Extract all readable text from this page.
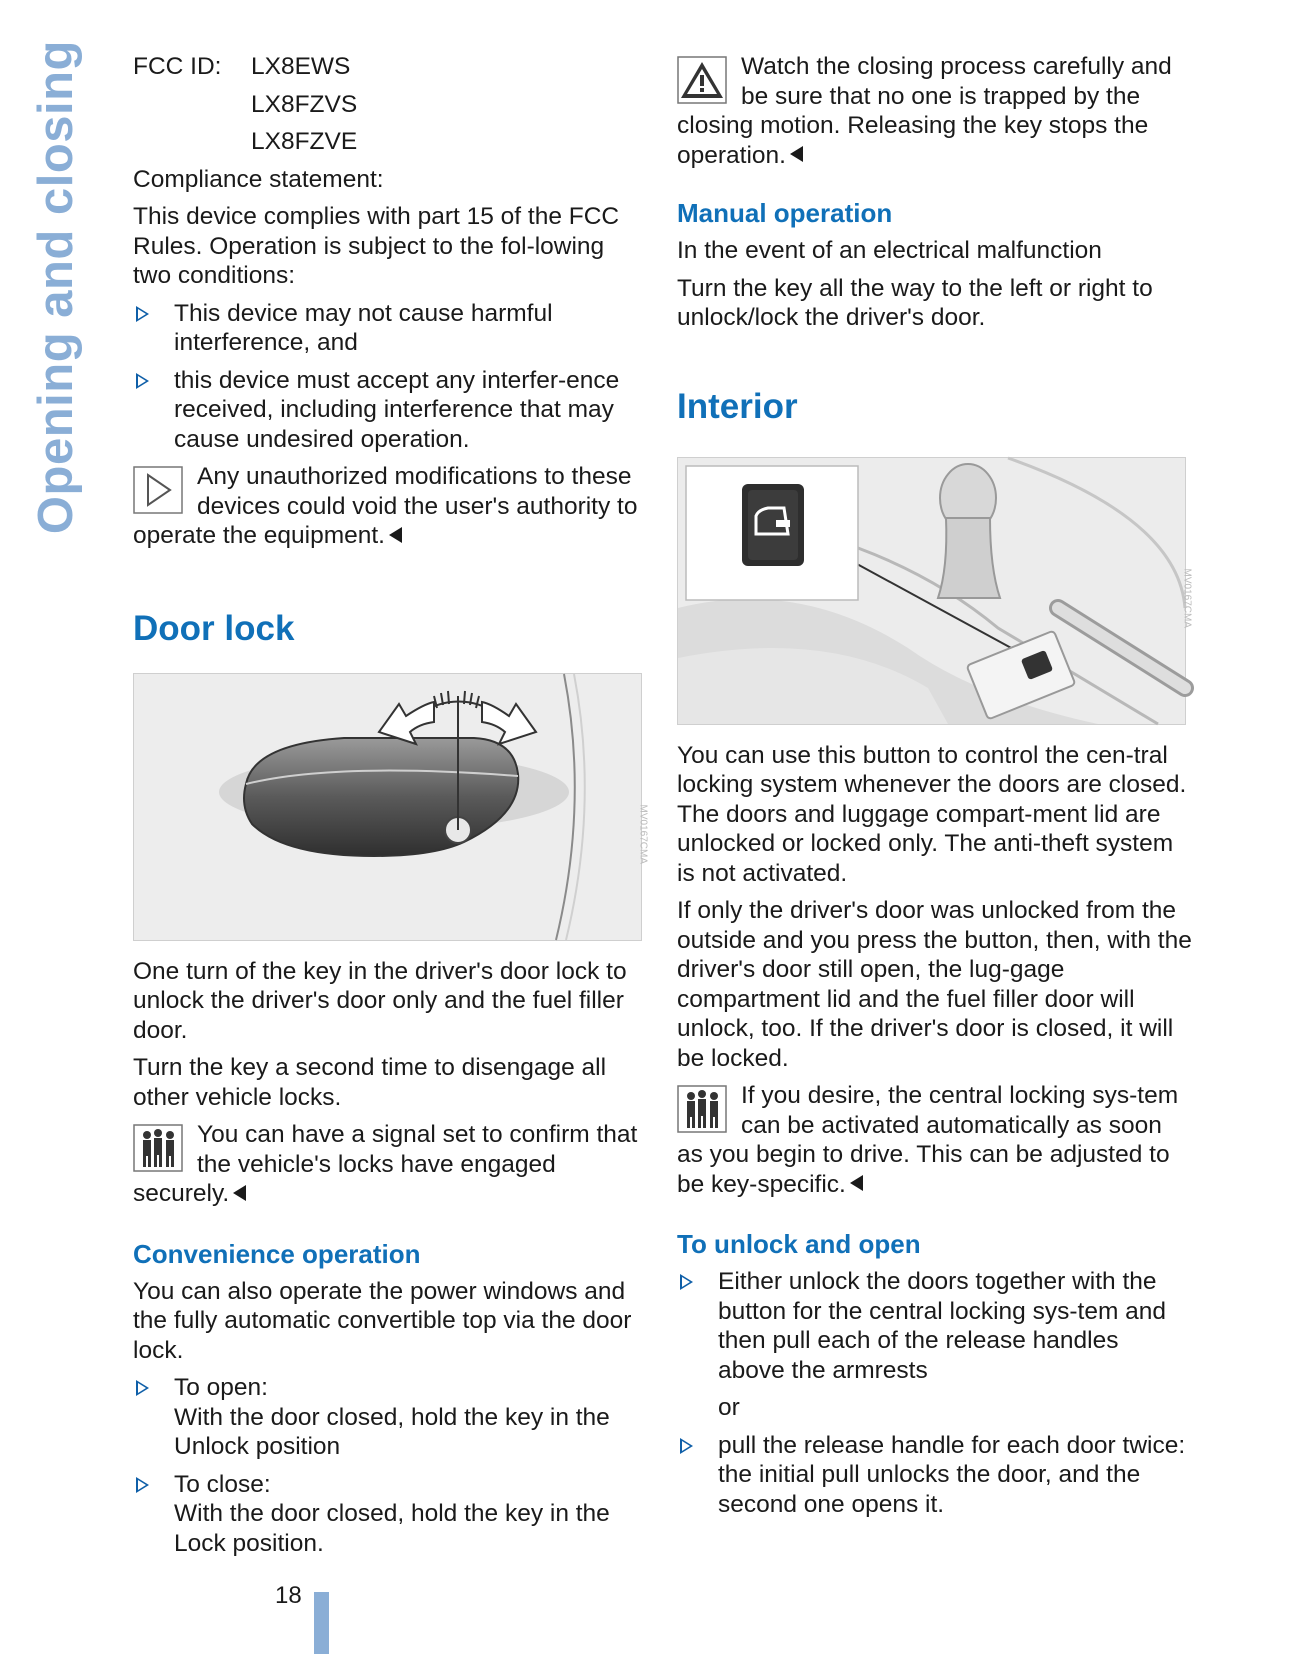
Opening and closing FCC ID:	LX8EWS
LX8FZVS
LX8FZVE

Compliance statement:

This device complies with part 15 of the FCC Rules. Operation is subject to the fol-lowing two conditions:

This device may not cause harmful interference, and
this device must accept any interfer-ence received, including interference that may cause undesired operation.
Any unauthorized modifications to these devices could void the user's authority to operate the equipment.
Door lock
MV0167CMA

One turn of the key in the driver's door lock to unlock the driver's door only and the fuel filler door.

Turn the key a second time to disengage all other vehicle locks.

You can have a signal set to confirm that the vehicle's locks have engaged securely.
Convenience operation

You can also operate the power windows and the fully automatic convertible top via the door lock.

To open:
With the door closed, hold the key in the Unlock position
To close:
With the door closed, hold the key in the Lock position.
Watch the closing process carefully and be sure that no one is trapped by the closing motion. Releasing the key stops the operation.
Manual operation

In the event of an electrical malfunction

Turn the key all the way to the left or right to unlock/lock the driver's door.

Interior
MV0167CMA

You can use this button to control the cen-tral locking system whenever the doors are closed. The doors and luggage compart-ment lid are unlocked or locked only. The anti-theft system is not activated.

If only the driver's door was unlocked from the outside and you press the button, then, with the driver's door still open, the lug-gage compartment lid and the fuel filler door will unlock, too. If the driver's door is closed, it will be locked.

If you desire, the central locking sys-tem can be activated automatically as soon as you begin to drive. This can be adjusted to be key-specific.
To unlock and open
Either unlock the doors together with the button for the central locking sys-tem and then pull each of the release handles above the armrests

or

pull the release handle for each door twice: the initial pull unlocks the door, and the second one opens it.
18
